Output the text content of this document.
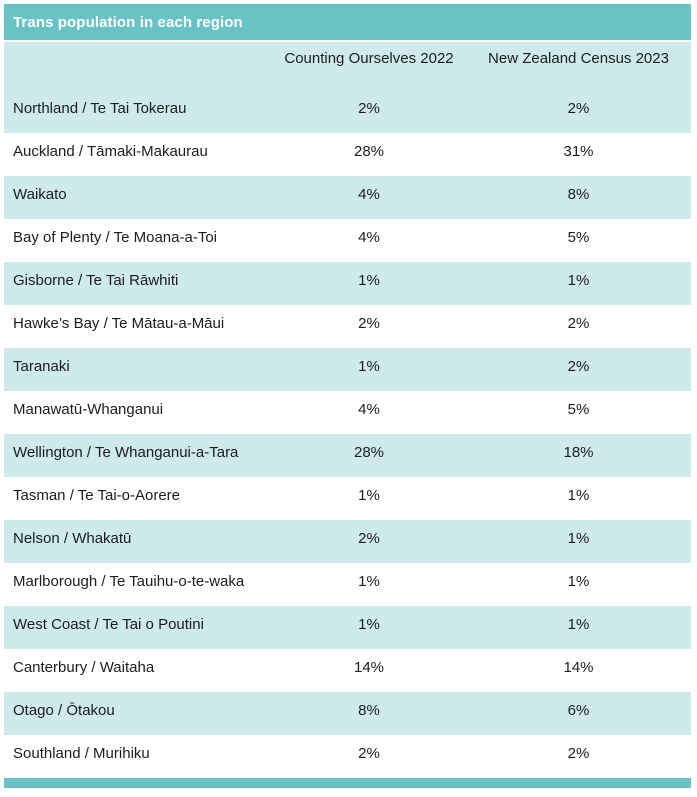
Trans population in each region
Counting Ourselves 2022	New Zealand Census 2023
Northland / Te Tai Tokerau	2%	2%
Auckland / Tāmaki-Makaurau	28%	31%
Waikato	4%	8%
Bay of Plenty / Te Moana-a-Toi	4%	5%
Gisborne / Te Tai Rāwhiti	1%	1%
Hawke’s Bay / Te Mātau-a-Māui	2%	2%
Taranaki	1%	2%
Manawatū-Whanganui	4%	5%
Wellington / Te Whanganui-a-Tara	28%	18%
Tasman / Te Tai-o-Aorere	1%	1%
Nelson / Whakatū	2%	1%
Marlborough / Te Tauihu-o-te-waka	1%	1%
West Coast / Te Tai o Poutini	1%	1%
Canterbury / Waitaha	14%	14%
Otago / Ōtakou	8%	6%
Southland / Murihiku	2%	2%
